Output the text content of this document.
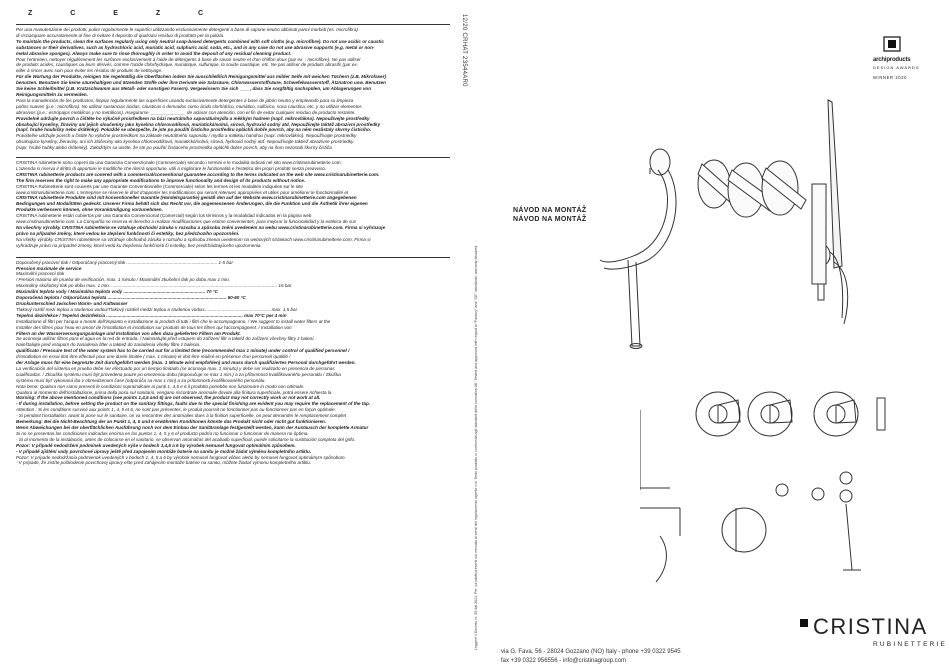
Z Č E Z Č

Per una manutenzione dei prodotti, pulire regolarmente le superfici utilizzando esclusivamente detergenti a base di sapone neutro abbinati panni morbidi (es. microfibra)

di risciacquare accuratamente al fine di evitare il deposito di qualsiasi residuo di prodotto per la pulizia.

To maintain the products, clean the surfaces regularly using only neutral soap-based detergents combined with soft cloths (e.g. microfibre). Do not use acidic or caustic

substances or their derivatives, such as hydrochloric acid, muriatic acid, sulphuric acid, soda, etc., and in any case do not use abrasive supports (e.g. metal or non-

metal abrasive sponges). Always make sure to rinse thoroughly in order to avoid the deposit of any residual cleaning product.

Pour l'entretien, nettoyer régulièrement les surfaces exclusivement à l'aide de détergents à base de savon neutre et d'un chiffon doux (par ex. : microfibre). Ne pas utiliser

de produits acides, caustiques ou leurs dérivés, comme l'acide chlorhydrique, muriatique, sulfurique, la soude caustique, etc. Ne pas utiliser de produits abrasifs (par ex.

eiller à rincer avec soin pour éviter les résidus de produits de nettoyage.

Für die Wartung der Produkte, reinigen Sie regelmäßig die Oberflächen indem Sie ausschließlich Reinigungsmittel aus milder Seife mit weichen Tüchern (z.B. Mikrofaser)

benutzen. Benutzen Sie keine säurehaltigen und ätzenden Stoffe oder ihre Derivate wie Salzsäure, Chlorwasserstoffsäure, Schwefelwasserstoff, Ätznatron usw. Benutzen

Sie keine Schleifmittel (z.B. Kratzschwamm aus Metall- oder sonstigen Fasern). Vergewissern Sie sich ____, dass Sie sorgfältig nachspülen, um Ablagerungen von

Reinigungsmitteln zu vermeiden.

Para la manutención de los productos, limpiar regularmente las superficies usando exclusivamente detergentes a base de jabón neutro y empleando para su limpieza

paños suaves (p.e.: microfibra). No utilizar sustancias ácidas, cáusticas o derivados como ácido clorhídrico, muriático, sulfúrico, sosa cáustica, etc. y no utilizar elementos

abrasivos (p.e.: estropajos metálicos y no metálicos). Asegurarse ______________ de aclarar con atención, con el fin de evitar cualquier residuo de producto restante.

Pravidelně udržujte povrch a čištěte ho výlučně prostředkem na bázi neutrálního saponátu/mýdla a měkkým hadrem (např. mikrovlákno). Nepoužívejte prostředky

obsahující kyseliny, žíraviny ani jejich sloučeniny jako kyselina chlorovodíková, muriatická/solná, sírová, hydroxid sodný atd. Nepoužívejte taktéž abrazivní prostředky

(např. hrubé houbičky nebo drátěnky). Pokaždé se ubezpečte, že jste po použití čisticího prostředku opláchli dobře povrch, aby na něm nezůstaly skvrny čisticího.

Pravidelne udržujte povrch a čistite ho výlučne prostriedkom na základe neutrálneho saponátu / mydla a mäkkou handrou (napr. mikrovlákno). Nepoužívajte prostriedky

obsahujúce kyseliny, žieraviny, ani ich zlúčeniny ako kyselina chlorovodíková, muriatická/solná, sírová, hydroxid sodný atď. Nepoužívajte taktiež abrazívne prostriedky

(napr. hrubé hubky alebo drôtenky). Zakaždým sa uistite, že ste po použití čistiaceho prostriedku opláchli dobre povrch, aby na ňom nezostali škvrny čističa.

CRISTINA rubinetterie sono coperti da una Garanzia Convenzionale (Commerciale) secondo i termini e le modalità indicati nel sito www.cristinarubinetterie.com.

L'azienda si riserva il diritto di apportare le modifiche che riterrà opportune, utili a migliorare le funzionalità e l'estetica dei propri prodotti senza preavviso.

CRISTINA rubinetterie products are covered with a commercial/conventional guarantee according to the terms indicated on the web site www.cristinarubinetterie.com.

The firm reserves the right to make any appropriate modifications to improve functionality and design of its products without notice.

CRISTINA Rubinetterie sont couverts par une Garantie Conventionnelle (Commerciale) selon les termes et les modalités indiquées sur le site

www.cristinarubinetterie.com. L'entreprise se réserve le droit d'apporter les modifications qui seront retenues appropriées et utiles pour améliorer le fonctionnalité et

CRISTINA rubinetterie Produkte sind mit konventioneller Garantie (Handelsgarantie) gemäß den auf der Website www.cristinarubinetterie.com angegebenen

Bedingungen und Modalitäten gedeckt. Unserer Firma behält sich das Recht vor, die angemessenen Änderungen, die die Funktion und die Ästhetik ihrer eigenen

Produkte verbessern können, ohne Vorankündigung vorzunehmen.

CRISTINA rubinetterie están cubiertos por una Garantía Convencional (Comercial) según los términos y la modalidad indicados en la página web

www.cristinarubinetterie.com. La Compañía se reserva el derecho a realizar modificaciones que estime convenientes, para mejorar la funcionalidad y la estética de sus

Na všechny výrobky CRISTINA rubinetterie se vztahuje obchodní záruka v rozsahu a způsobu zněni uvedeném na webu www.cristinarubinetterie.com. Firma si vyhrazuje

právo na případné změny, které vedou ke zlepšení funkčnosti či estetiky, bez předchozího upozornění.

Na všetky výrobky CRISTINA rubinetterie sa vzťahuje obchodná záruka v rozsahu a spôsobu znenia uvedenom na webových stránkach www.cristinarubinetterie.com. Firma si

vyhradzuje právo na prípadné zmeny, ktoré vedú ku zlepšeniu funkčnosti či estetiky, bez predchádzajúceho upozornenia.

Doporučený pracovní tlak / Odporúčaný pracovný tlak ....................................................................... 1-5 bar

Pression maximale de service

Maximální pracovní tlak

/ Presión máxima de prueba de verificación, max. 1 minuto / Maximální zkušební tlak po dobu max 1 min.

Maximálny skúšobný tlak po dobu max. 1 min. .................................................................................................................................. 16 bar

Maximální teplota vody / Maximálna teplota vody ................................................................ 70 °C

Doporučená teplota / Odporúčaná teplota ............................................................................................. 50-60 °C

Druckunterschied zwischen Warm- und Kaltwasser

Tlakový rozdíl mezi teplou a studenou vodou/Tlakový rozdiel medzi teplou a studenou vodou.................................................... max. 1,5 bar

Tepelná dezinfekce / Tepelná dezinfekcia ........................................................................................................... max 70°C per 4 min

Installazione di filtri per l'acqua a monte dell'impianto e installazione ai prodotti di tutti i filtri che le accompagnano. / We suggest to install water filters at the

Installer des filtres pour l'eau en amont de l'installation et installation sur produits de tous les filtres qui l'accompagnent. / Installation von

Filtern an der Wasserversorgungsanlage und Installation von allen dazu gelieferten Filtern am Produkt.

Se aconseja utilizar filtros para el agua en la red de entrada. / Nainstalujte před vstupem do zařízení filtr a taktéž do zařízení všechny filtry z balení.

Nainštalujte pred vstupom do zariadenia filter a taktiež do zariadenia všetky filtre z balenia.

qualificato / Pressure test of the water system has to be carried out for a limited time (recommended max 1 minute) under control of qualified personnel /

d'installation en essai doit être effectué pour une durée limitée ( max. 1 minute) et doit être réalisé en présence d'un personnel qualifié /

der Anlage muss für eine begrenzte Zeit durchgeführt werden (max. 1 Minute wird empfohlen) und muss durch qualifiziertes Personal durchgeführt werden.

La verificación del sistema en prueba debe ser efectuado por un tiempo limitado (se aconseja max. 1 minuto) y debe ser realizado en presencia de personas

cualificadas. / Zkouška systému musí být provedena pouze po omezenou dobu (doporučuje se max 1 min.) a za přítomnosti kvalifikovaného personálu / Skúška

systému musí byť vykonaná iba v obmedzenom čase (odporúča sa max 1 min) a za prítomnosti kvalifikovaného personálu.

Nota bene: Qualora non siano presenti le condizioni sopraindicate ai punti 1, 4,5 e 6 il prodotto potrebbe non funzionare in modo non ottimale.

Qualora al momento dell'installazione, prima della posa sul sanitario, vengano riscontrate anomalie dovute alla finitura superficiale, potrà essere richiesta la

Warning: If the above mentioned conditions (see points 1,4,5 and 6) are not observed, the product may not correctly work or not work at all.

- If during installation, before setting the product on the sanitary fittings, faults due to the special finishing are evident you may require the replacement of the tap.

Attention : Si les conditions susvisé aux points 1, 4, 5 et 6, ne sont pas présentes, le produit pourrait ne fonctionner pas ou fonctionner pas en façon optimale.

- Si pendant l'installation, avant la pose sur le sanitaire, on va rencontrer des anomalies dues à la finition superficielle, on peut demander le remplacement complet

Bemerkung: Bei die Nicht-Beachtung der an Punkt 1, 4, 5 und 6 erwähnten Konditionen könnte das Produkt nicht oder nicht gut funktionieren.

Wenn Abweichungen bei der oberflächlichen Ausführung noch vor dem Einbau der Sanitäranlage festgestellt werden, kann der Austausch der komplette Armatur

Si no se presentan las condiciones indicadas encima en los puntos 1, 4, 5 y 6 el producto podría no funcionar o funcionar de manera no óptima.

- Si al momento de la instalación, antes de colocarse en el sanitario, se observan anomalías del acabado superficial, puede solicitarse la sustitución completa del grifo.

Pozor: V případě nedodržení podmínek uvedených výše v bodech 1,4,5 a 6 by výrobek nemusel fungovat optimálním způsobem.

- V případě zjištění vady povrchové úpravy ještě před zapojením montáže baterie na sanitu je možné žádat výměnu kompletního artiklu.

Pozor: V prípade nedodržania podmienok uvedených v bodoch 1, 4, 5 a 6 by výrobok nemusel fungovať vôbec alebo by nemusel fungovať optimálnym spôsobom.

- V prípade, že zistíte poškodenie povrchovej úpravy ešte pred zahájením montáže batérie na sanitu, môžete žiadať výmenu kompletného artiklu.

12/20 CRHAT 23544AR0
Leggere il Decreto nr. 55 dal 2021. Per i prodotti presenti sul mercato ai sensi del regolamento vigente n.d. Testo prodotto in conformità agli standard della normativa UE. Tested and approved with regard to "Factory" and "CE" standards; warranty declared.
NÁVOD NA MONTÁŽ
NÁVOD NA MONTÁŽ
archiproducts
DESIGN AWARDS
WINNER 2020
CRISTINA
RUBINETTERIE
via G. Fava, 56 - 28024 Gozzano (NO) Italy - phone +39 0322 9545
fax +39 0322 956556 - info@cristinagroup.com
